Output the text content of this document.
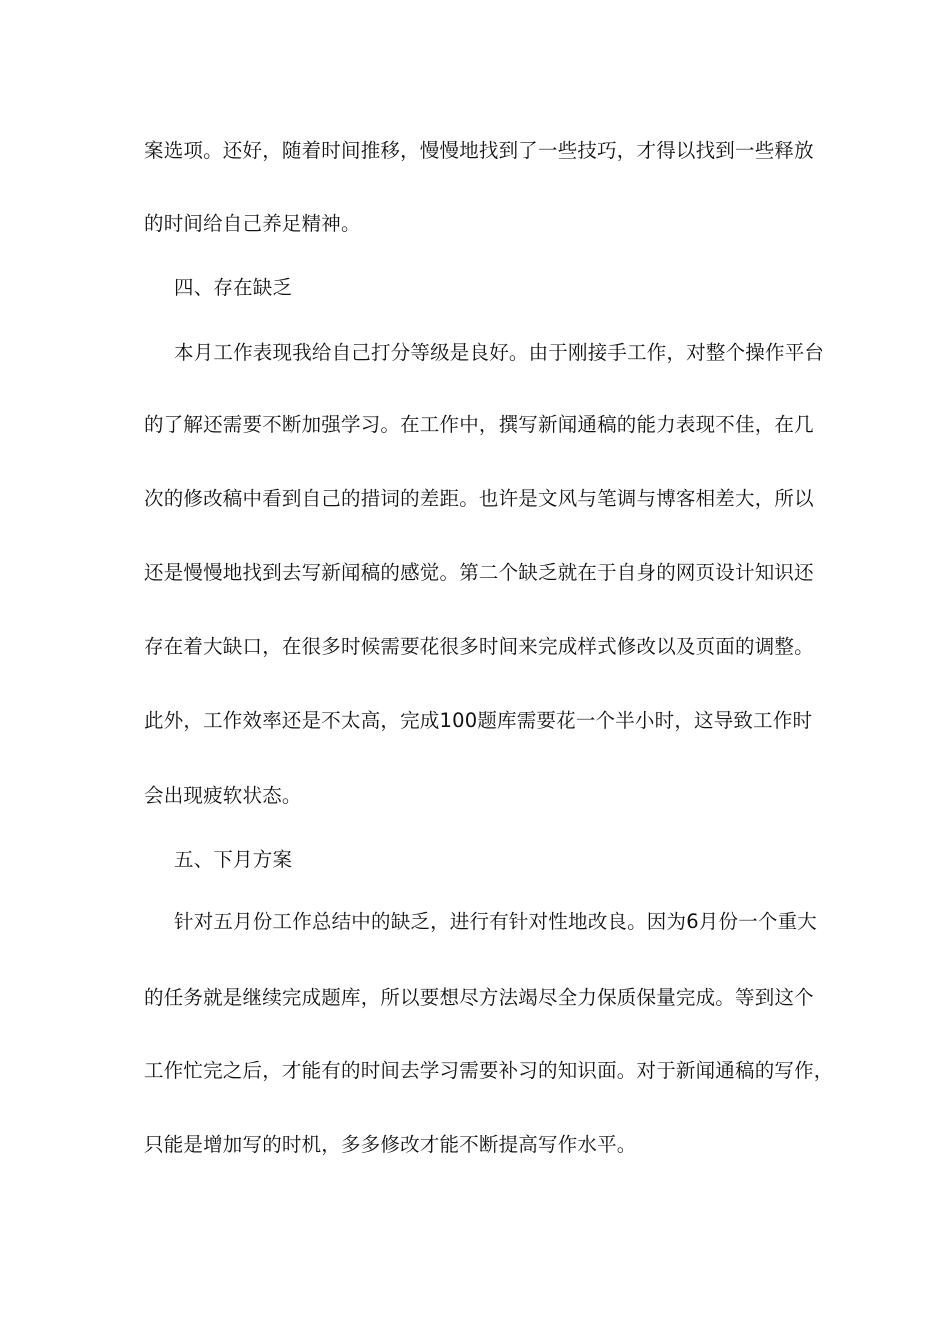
案选项。还好，随着时间推移，慢慢地找到了一些技巧，才得以找到一些释放
的时间给自己养足精神。
四、存在缺乏
本月工作表现我给自己打分等级是良好。由于刚接手工作，对整个操作平台
的了解还需要不断加强学习。在工作中，撰写新闻通稿的能力表现不佳，在几
次的修改稿中看到自己的措词的差距。也许是文风与笔调与博客相差大，所以
还是慢慢地找到去写新闻稿的感觉。第二个缺乏就在于自身的网页设计知识还
存在着大缺口，在很多时候需要花很多时间来完成样式修改以及页面的调整。
此外，工作效率还是不太高，完成100题库需要花一个半小时，这导致工作时
会出现疲软状态。
五、下月方案
针对五月份工作总结中的缺乏，进行有针对性地改良。因为6月份一个重大
的任务就是继续完成题库，所以要想尽方法竭尽全力保质保量完成。等到这个
工作忙完之后，才能有的时间去学习需要补习的知识面。对于新闻通稿的写作，
只能是增加写的时机，多多修改才能不断提高写作水平。
